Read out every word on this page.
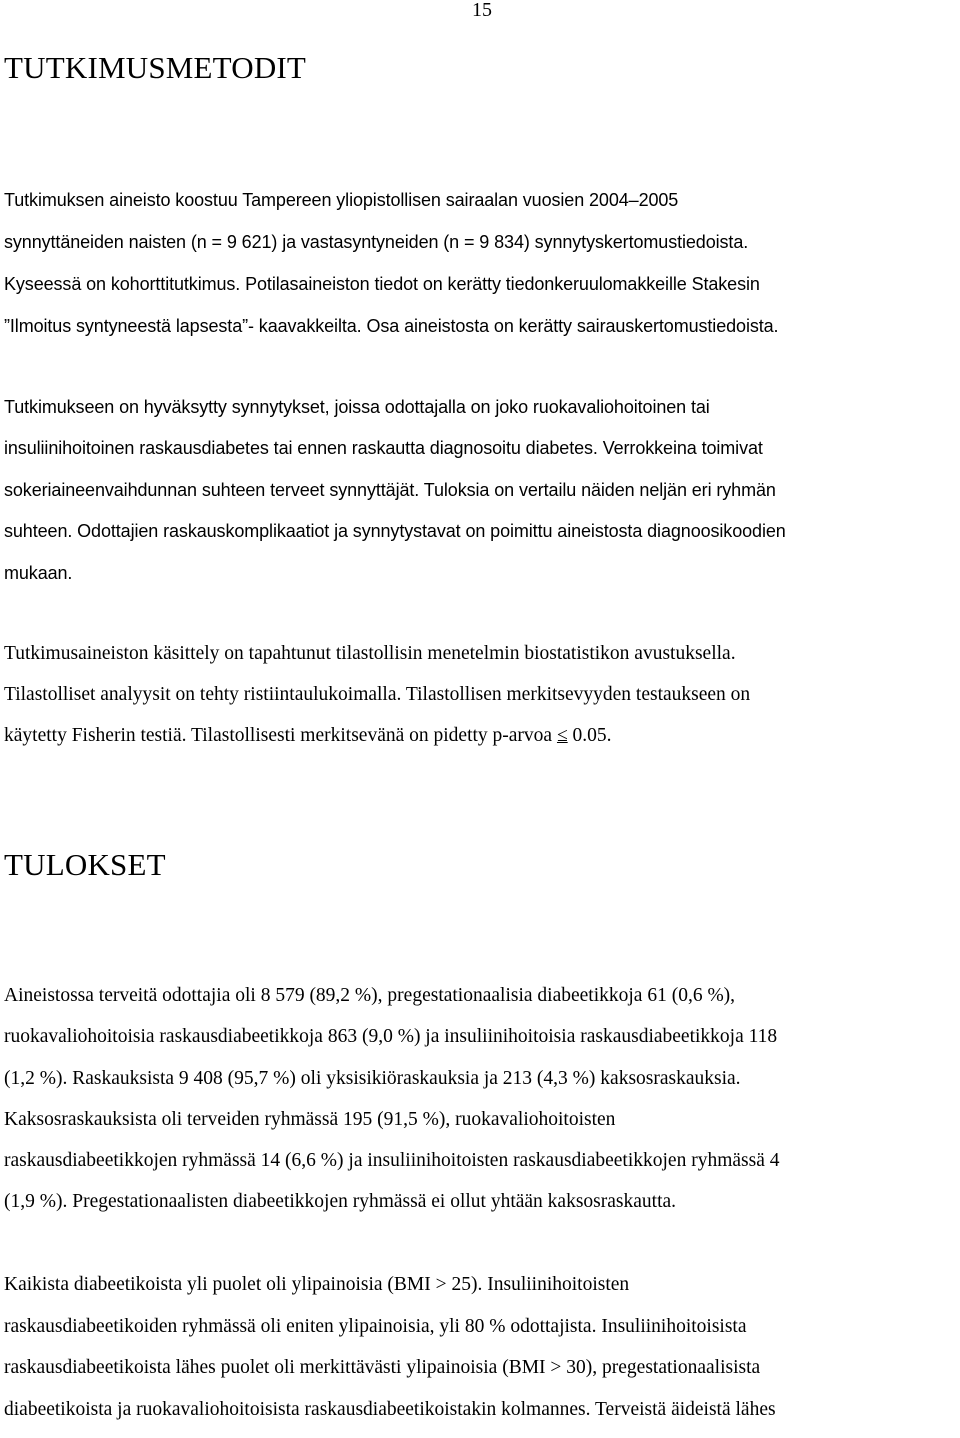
15
TUTKIMUSMETODIT
Tutkimuksen aineisto koostuu Tampereen yliopistollisen sairaalan vuosien 2004–2005
synnyttäneiden naisten (n = 9 621) ja vastasyntyneiden (n = 9 834) synnytyskertomustiedoista.
Kyseessä on kohorttitutkimus. Potilasaineiston tiedot on kerätty tiedonkeruulomakkeille Stakesin
”Ilmoitus syntyneestä lapsesta”- kaavakkeilta. Osa aineistosta on kerätty sairauskertomustiedoista.
Tutkimukseen on hyväksytty synnytykset, joissa odottajalla on joko ruokavaliohoitoinen tai
insuliinihoitoinen raskausdiabetes tai ennen raskautta diagnosoitu diabetes. Verrokkeina toimivat
sokeriaineenvaihdunnan suhteen terveet synnyttäjät. Tuloksia on vertailu näiden neljän eri ryhmän
suhteen. Odottajien raskauskomplikaatiot ja synnytystavat on poimittu aineistosta diagnoosikoodien
mukaan.
Tutkimusaineiston käsittely on tapahtunut tilastollisin menetelmin biostatistikon avustuksella.
Tilastolliset analyysit on tehty ristiintaulukoimalla. Tilastollisen merkitsevyyden testaukseen on
käytetty Fisherin testiä. Tilastollisesti merkitsevänä on pidetty p-arvoa ≤ 0.05.
TULOKSET
Aineistossa terveitä odottajia oli 8 579 (89,2 %), pregestationaalisia diabeetikkoja 61 (0,6 %),
ruokavaliohoitoisia raskausdiabeetikkoja 863 (9,0 %) ja insuliinihoitoisia raskausdiabeetikkoja 118
(1,2 %). Raskauksista 9 408 (95,7 %) oli yksisikiöraskauksia ja 213 (4,3 %) kaksosraskauksia.
Kaksosraskauksista oli terveiden ryhmässä 195 (91,5 %), ruokavaliohoitoisten
raskausdiabeetikkojen ryhmässä 14 (6,6 %) ja insuliinihoitoisten raskausdiabeetikkojen ryhmässä 4
(1,9 %). Pregestationaalisten diabeetikkojen ryhmässä ei ollut yhtään kaksosraskautta.
Kaikista diabeetikoista yli puolet oli ylipainoisia (BMI > 25). Insuliinihoitoisten
raskausdiabeetikoiden ryhmässä oli eniten ylipainoisia, yli 80 % odottajista. Insuliinihoitoisista
raskausdiabeetikoista lähes puolet oli merkittävästi ylipainoisia (BMI > 30), pregestationaalisista
diabeetikoista ja ruokavaliohoitoisista raskausdiabeetikoistakin kolmannes. Terveistä äideistä lähes
